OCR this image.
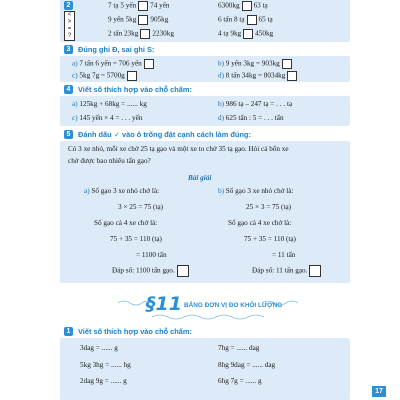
2
<
>
=
?
7 tạ 5 yến 74 yến	6300kg 63 tạ
9 yến 5kg 905kg	6 tấn 8 tạ 65 tạ
2 tấn 23kg 2230kg	4 tạ 9kg 450kg
3	Đúng ghi Đ, sai ghi S:
a) 7 tấn 6 yến = 706 yến	b) 9 yến 3kg = 903kg
c) 5kg 7g = 5700g	d) 8 tấn 34kg = 8034kg
4	Viết số thích hợp vào chỗ chấm:
a) 125kg + 68kg = ...... kg	b) 986 tạ – 247 tạ = . . . tạ
c) 145 yến × 4 = . . . yến	d) 625 tấn : 5 = . . . tấn
5	Đánh dấu ✓ vào ô trống đặt cạnh cách làm đúng:
Có 3 xe nhỏ, mỗi xe chở 25 tạ gạo và một xe to chở 35 tạ gạo. Hỏi cả bốn xe
chở được bao nhiêu tấn gạo?
Bài giải
a) Số gạo 3 xe nhỏ chở là:
3 × 25 = 75 (tạ)
Số gạo cả 4 xe chở là:
75 + 35 = 110 (tạ)
= 1100 tấn
Đáp số: 1100 tấn gạo.
b) Số gạo 3 xe nhỏ chở là:
25 × 3 = 75 (tạ)
Số gạo cả 4 xe chở là:
75 + 35 = 110 (tạ)
= 11 tấn
Đáp số: 11 tấn gạo.
§11 BẢNG ĐƠN VỊ ĐO KHỐI LƯỢNG
1	Viết số thích hợp vào chỗ chấm:
3dag = ...... g	7hg = ...... dag
5kg 3hg = ...... hg	8hg 9dag = ...... dag
2dag 9g = ...... g	6hg 7g = ...... g
17
